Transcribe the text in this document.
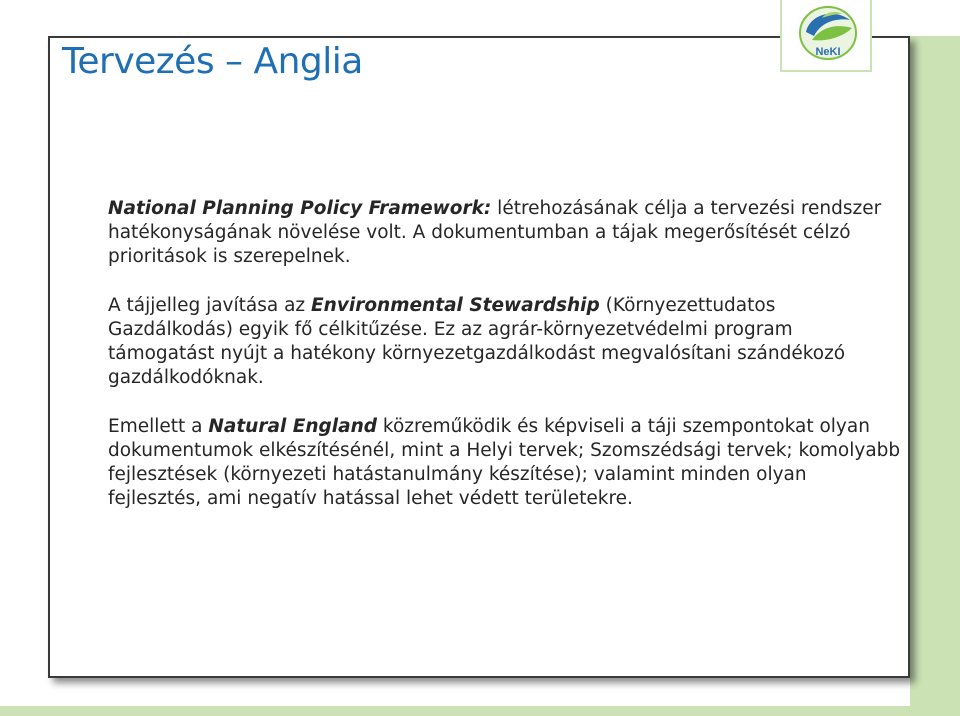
NeKI
Tervezés – Anglia

National Planning Policy Framework: létrehozásának célja a tervezési rendszer hatékonyságának növelése volt. A dokumentumban a tájak megerősítését célzó prioritások is szerepelnek.

A tájjelleg javítása az Environmental Stewardship (Környezettudatos Gazdálkodás) egyik fő célkitűzése. Ez az agrár-környezetvédelmi program támogatást nyújt a hatékony környezetgazdálkodást megvalósítani szándékozó gazdálkodóknak.

Emellett a Natural England közreműködik és képviseli a táji szempontokat olyan dokumentumok elkészítésénél, mint a Helyi tervek; Szomszédsági tervek; komolyabb fejlesztések (környezeti hatástanulmány készítése); valamint minden olyan fejlesztés, ami negatív hatással lehet védett területekre.
